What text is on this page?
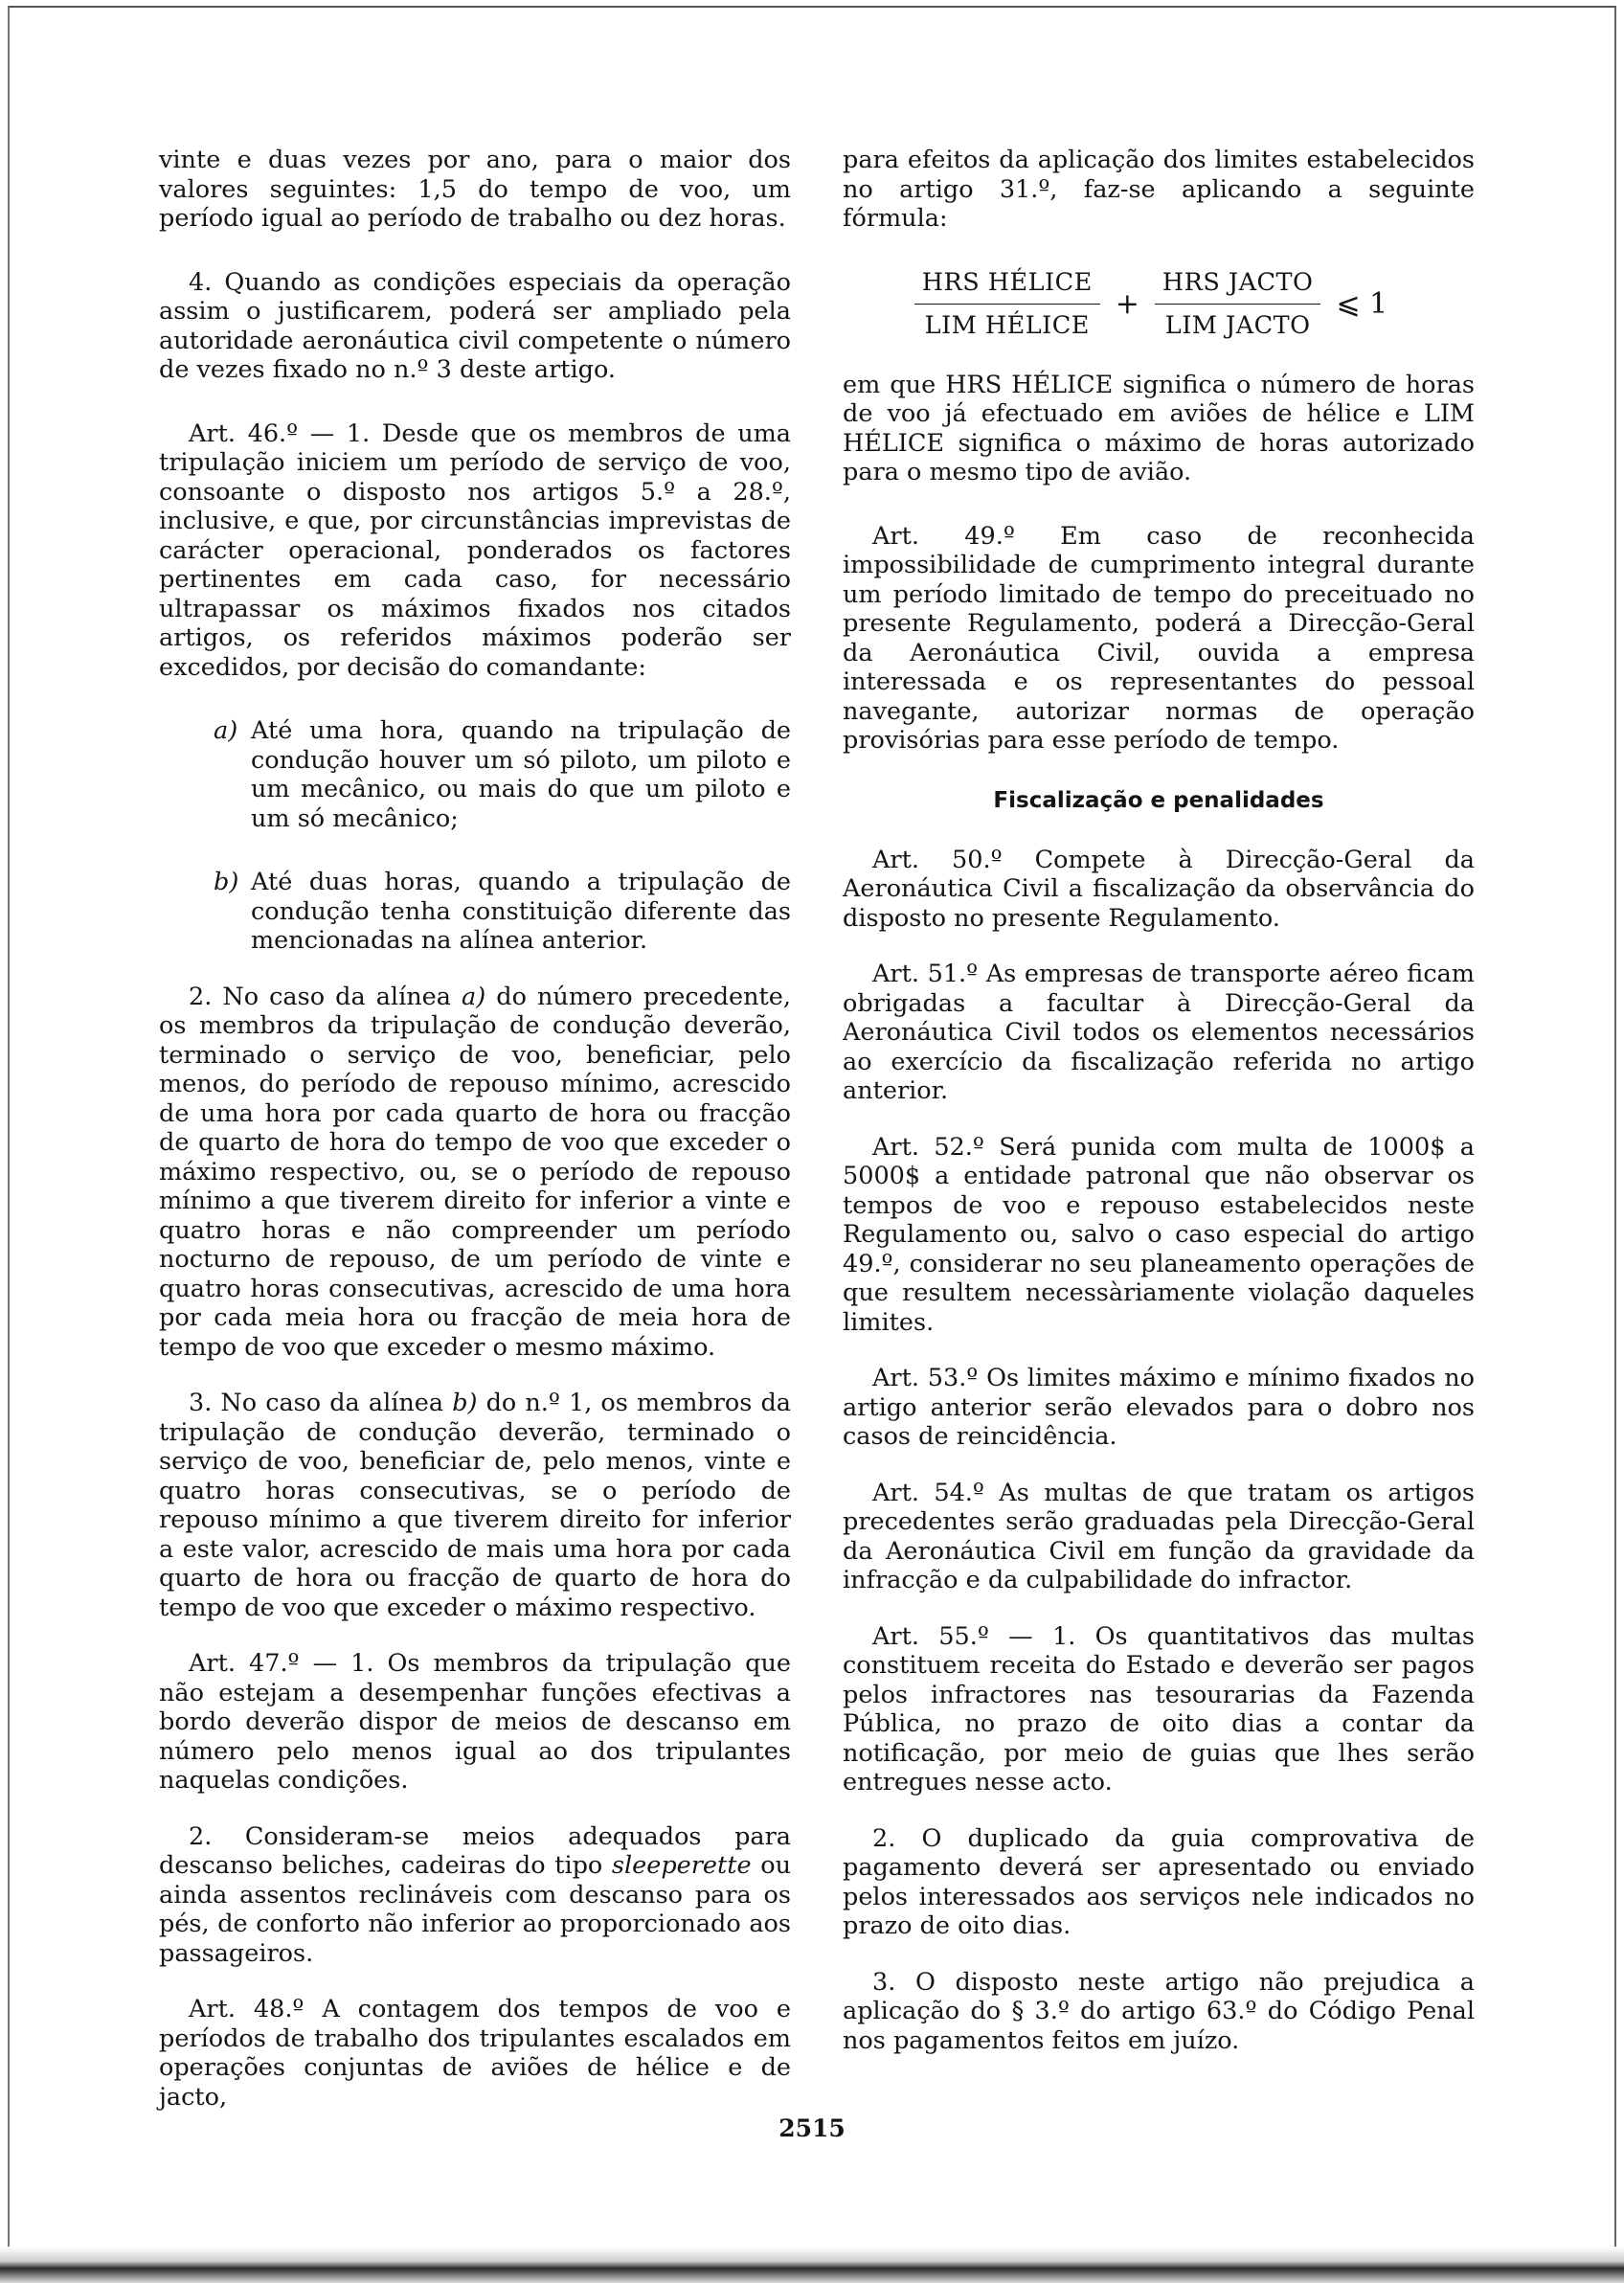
vinte e duas vezes por ano, para o maior dos valores seguintes: 1,5 do tempo de voo, um período igual ao período de trabalho ou dez horas.

4. Quando as condições especiais da operação assim o justificarem, poderá ser ampliado pela autoridade aeronáutica civil competente o número de vezes fixado no n.º 3 deste artigo.

Art. 46.º — 1. Desde que os membros de uma tripulação iniciem um período de serviço de voo, consoante o disposto nos artigos 5.º a 28.º, inclusive, e que, por circunstâncias imprevistas de carácter operacional, ponderados os factores pertinentes em cada caso, for necessário ultrapassar os máximos fixados nos citados artigos, os referidos máximos poderão ser excedidos, por decisão do comandante:

a) Até uma hora, quando na tripulação de condução houver um só piloto, um piloto e um mecânico, ou mais do que um piloto e um só mecânico;

b) Até duas horas, quando a tripulação de condução tenha constituição diferente das mencionadas na alínea anterior.

2. No caso da alínea a) do número precedente, os membros da tripulação de condução deverão, terminado o serviço de voo, beneficiar, pelo menos, do período de repouso mínimo, acrescido de uma hora por cada quarto de hora ou fracção de quarto de hora do tempo de voo que exceder o máximo respectivo, ou, se o período de repouso mínimo a que tiverem direito for inferior a vinte e quatro horas e não compreender um período nocturno de repouso, de um período de vinte e quatro horas consecutivas, acrescido de uma hora por cada meia hora ou fracção de meia hora de tempo de voo que exceder o mesmo máximo.

3. No caso da alínea b) do n.º 1, os membros da tripulação de condução deverão, terminado o serviço de voo, beneficiar de, pelo menos, vinte e quatro horas consecutivas, se o período de repouso mínimo a que tiverem direito for inferior a este valor, acrescido de mais uma hora por cada quarto de hora ou fracção de quarto de hora do tempo de voo que exceder o máximo respectivo.

Art. 47.º — 1. Os membros da tripulação que não estejam a desempenhar funções efectivas a bordo deverão dispor de meios de descanso em número pelo menos igual ao dos tripulantes naquelas condições.

2. Consideram-se meios adequados para descanso beliches, cadeiras do tipo sleeperette ou ainda assentos reclináveis com descanso para os pés, de conforto não inferior ao proporcionado aos passageiros.

Art. 48.º A contagem dos tempos de voo e períodos de trabalho dos tripulantes escalados em operações conjuntas de aviões de hélice e de jacto,

para efeitos da aplicação dos limites estabelecidos no artigo 31.º, faz-se aplicando a seguinte fórmula:

$\frac{\text{HRS HÉLICE}}{\text{LIM HÉLICE}} + \frac{\text{HRS JACTO}}{\text{LIM JACTO}}$ ⩽ 1

em que HRS HÉLICE significa o número de horas de voo já efectuado em aviões de hélice e LIM HÉLICE significa o máximo de horas autorizado para o mesmo tipo de avião.

Art. 49.º Em caso de reconhecida impossibilidade de cumprimento integral durante um período limitado de tempo do preceituado no presente Regulamento, poderá a Direcção-Geral da Aeronáutica Civil, ouvida a empresa interessada e os representantes do pessoal navegante, autorizar normas de operação provisórias para esse período de tempo.

Fiscalização e penalidades

Art. 50.º Compete à Direcção-Geral da Aeronáutica Civil a fiscalização da observância do disposto no presente Regulamento.

Art. 51.º As empresas de transporte aéreo ficam obrigadas a facultar à Direcção-Geral da Aeronáutica Civil todos os elementos necessários ao exercício da fiscalização referida no artigo anterior.

Art. 52.º Será punida com multa de 1000$ a 5000$ a entidade patronal que não observar os tempos de voo e repouso estabelecidos neste Regulamento ou, salvo o caso especial do artigo 49.º, considerar no seu planeamento operações de que resultem necessàriamente violação daqueles limites.

Art. 53.º Os limites máximo e mínimo fixados no artigo anterior serão elevados para o dobro nos casos de reincidência.

Art. 54.º As multas de que tratam os artigos precedentes serão graduadas pela Direcção-Geral da Aeronáutica Civil em função da gravidade da infracção e da culpabilidade do infractor.

Art. 55.º — 1. Os quantitativos das multas constituem receita do Estado e deverão ser pagos pelos infractores nas tesourarias da Fazenda Pública, no prazo de oito dias a contar da notificação, por meio de guias que lhes serão entregues nesse acto.

2. O duplicado da guia comprovativa de pagamento deverá ser apresentado ou enviado pelos interessados aos serviços nele indicados no prazo de oito dias.

3. O disposto neste artigo não prejudica a aplicação do § 3.º do artigo 63.º do Código Penal nos pagamentos feitos em juízo.

2515
